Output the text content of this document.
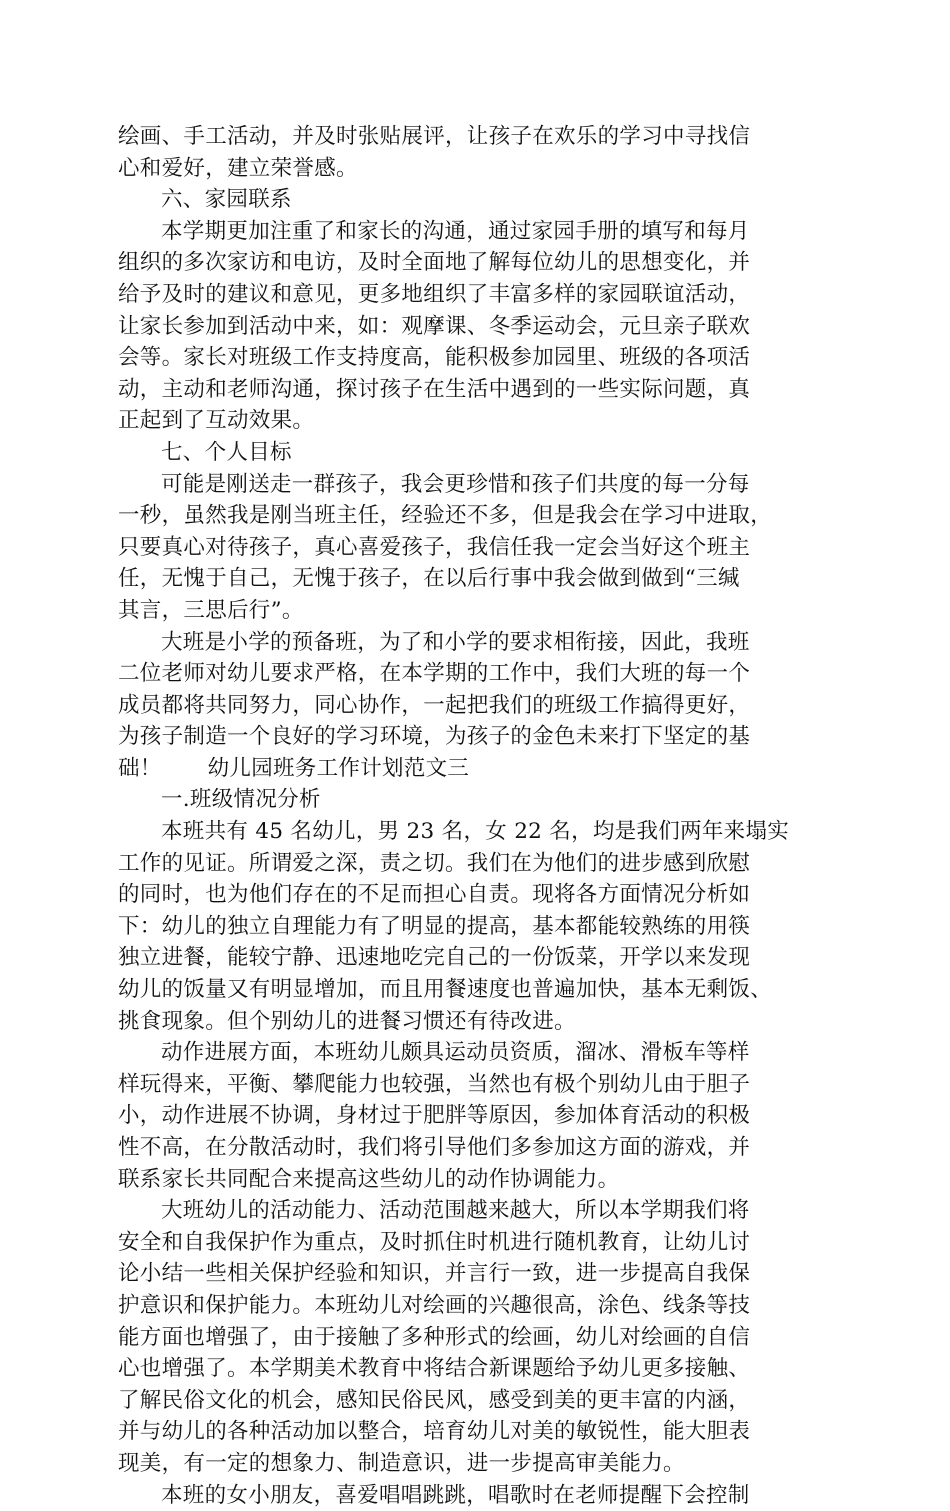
绘画、手工活动，并及时张贴展评，让孩子在欢乐的学习中寻找信
心和爱好，建立荣誉感。
六、家园联系
本学期更加注重了和家长的沟通，通过家园手册的填写和每月
组织的多次家访和电访，及时全面地了解每位幼儿的思想变化，并
给予及时的建议和意见，更多地组织了丰富多样的家园联谊活动，
让家长参加到活动中来，如：观摩课、冬季运动会，元旦亲子联欢
会等。家长对班级工作支持度高，能积极参加园里、班级的各项活
动，主动和老师沟通，探讨孩子在生活中遇到的一些实际问题，真
正起到了互动效果。
七、个人目标
可能是刚送走一群孩子，我会更珍惜和孩子们共度的每一分每
一秒，虽然我是刚当班主任，经验还不多，但是我会在学习中进取，
只要真心对待孩子，真心喜爱孩子，我信任我一定会当好这个班主
任，无愧于自己，无愧于孩子，在以后行事中我会做到做到“三缄
其言，三思后行”。
大班是小学的预备班，为了和小学的要求相衔接，因此，我班
二位老师对幼儿要求严格，在本学期的工作中，我们大班的每一个
成员都将共同努力，同心协作，一起把我们的班级工作搞得更好，
为孩子制造一个良好的学习环境，为孩子的金色未来打下坚定的基
础！ 幼儿园班务工作计划范文三
一.班级情况分析
本班共有 45 名幼儿，男 23 名，女 22 名，均是我们两年来塌实
工作的见证。所谓爱之深，责之切。我们在为他们的进步感到欣慰
的同时，也为他们存在的不足而担心自责。现将各方面情况分析如
下：幼儿的独立自理能力有了明显的提高，基本都能较熟练的用筷
独立进餐，能较宁静、迅速地吃完自己的一份饭菜，开学以来发现
幼儿的饭量又有明显增加，而且用餐速度也普遍加快，基本无剩饭、
挑食现象。但个别幼儿的进餐习惯还有待改进。
动作进展方面，本班幼儿颇具运动员资质，溜冰、滑板车等样
样玩得来，平衡、攀爬能力也较强，当然也有极个别幼儿由于胆子
小，动作进展不协调，身材过于肥胖等原因，参加体育活动的积极
性不高，在分散活动时，我们将引导他们多参加这方面的游戏，并
联系家长共同配合来提高这些幼儿的动作协调能力。
大班幼儿的活动能力、活动范围越来越大，所以本学期我们将
安全和自我保护作为重点，及时抓住时机进行随机教育，让幼儿讨
论小结一些相关保护经验和知识，并言行一致，进一步提高自我保
护意识和保护能力。本班幼儿对绘画的兴趣很高，涂色、线条等技
能方面也增强了，由于接触了多种形式的绘画，幼儿对绘画的自信
心也增强了。本学期美术教育中将结合新课题给予幼儿更多接触、
了解民俗文化的机会，感知民俗民风，感受到美的更丰富的内涵，
并与幼儿的各种活动加以整合，培育幼儿对美的敏锐性，能大胆表
现美，有一定的想象力、制造意识，进一步提高审美能力。
本班的女小朋友，喜爱唱唱跳跳，唱歌时在老师提醒下会控制
